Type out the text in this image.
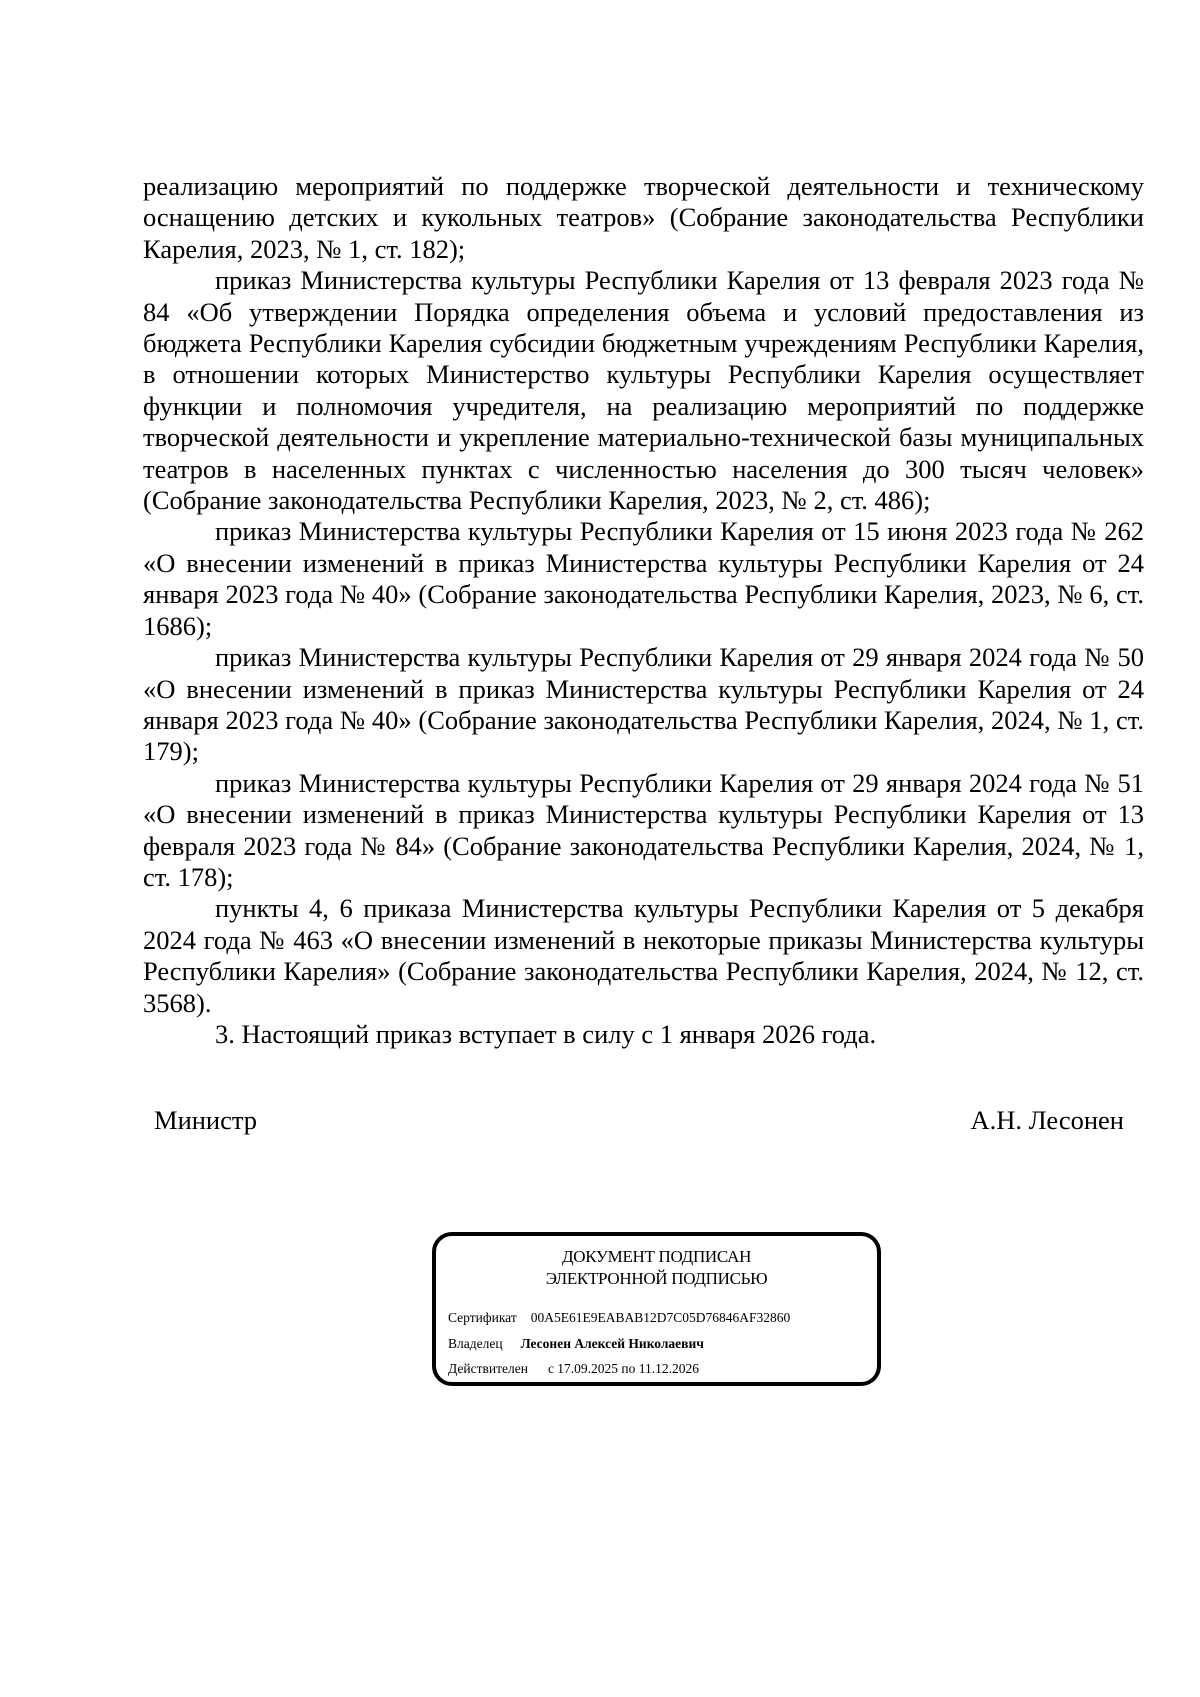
реализацию мероприятий по поддержке творческой деятельности и техническому оснащению детских и кукольных театров» (Собрание законодательства Республики Карелия, 2023, № 1, ст. 182);

приказ Министерства культуры Республики Карелия от 13 февраля 2023 года № 84 «Об утверждении Порядка определения объема и условий предоставления из бюджета Республики Карелия субсидии бюджетным учреждениям Республики Карелия, в отношении которых Министерство культуры Республики Карелия осуществляет функции и полномочия учредителя, на реализацию мероприятий по поддержке творческой деятельности и укрепление материально-технической базы муниципальных театров в населенных пунктах с численностью населения до 300 тысяч человек» (Собрание законодательства Республики Карелия, 2023, № 2, ст. 486);

приказ Министерства культуры Республики Карелия от 15 июня 2023 года № 262 «О внесении изменений в приказ Министерства культуры Республики Карелия от 24 января 2023 года № 40» (Собрание законодательства Республики Карелия, 2023, № 6, ст. 1686);

приказ Министерства культуры Республики Карелия от 29 января 2024 года № 50 «О внесении изменений в приказ Министерства культуры Республики Карелия от 24 января 2023 года № 40» (Собрание законодательства Республики Карелия, 2024, № 1, ст. 179);

приказ Министерства культуры Республики Карелия от 29 января 2024 года № 51 «О внесении изменений в приказ Министерства культуры Республики Карелия от 13 февраля 2023 года № 84» (Собрание законодательства Республики Карелия, 2024, № 1, ст. 178);

пункты 4, 6 приказа Министерства культуры Республики Карелия от 5 декабря 2024 года № 463 «О внесении изменений в некоторые приказы Министерства культуры Республики Карелия» (Собрание законодательства Республики Карелия, 2024, № 12, ст. 3568).

3. Настоящий приказ вступает в силу с 1 января 2026 года.

Министр	А.Н. Лесонен
ДОКУМЕНТ ПОДПИСАН
ЭЛЕКТРОННОЙ ПОДПИСЬЮ
Сертификат 00A5E61E9EABAB12D7C05D76846AF32860
Владелец Лесонен Алексей Николаевич
Действителен с 17.09.2025 по 11.12.2026
